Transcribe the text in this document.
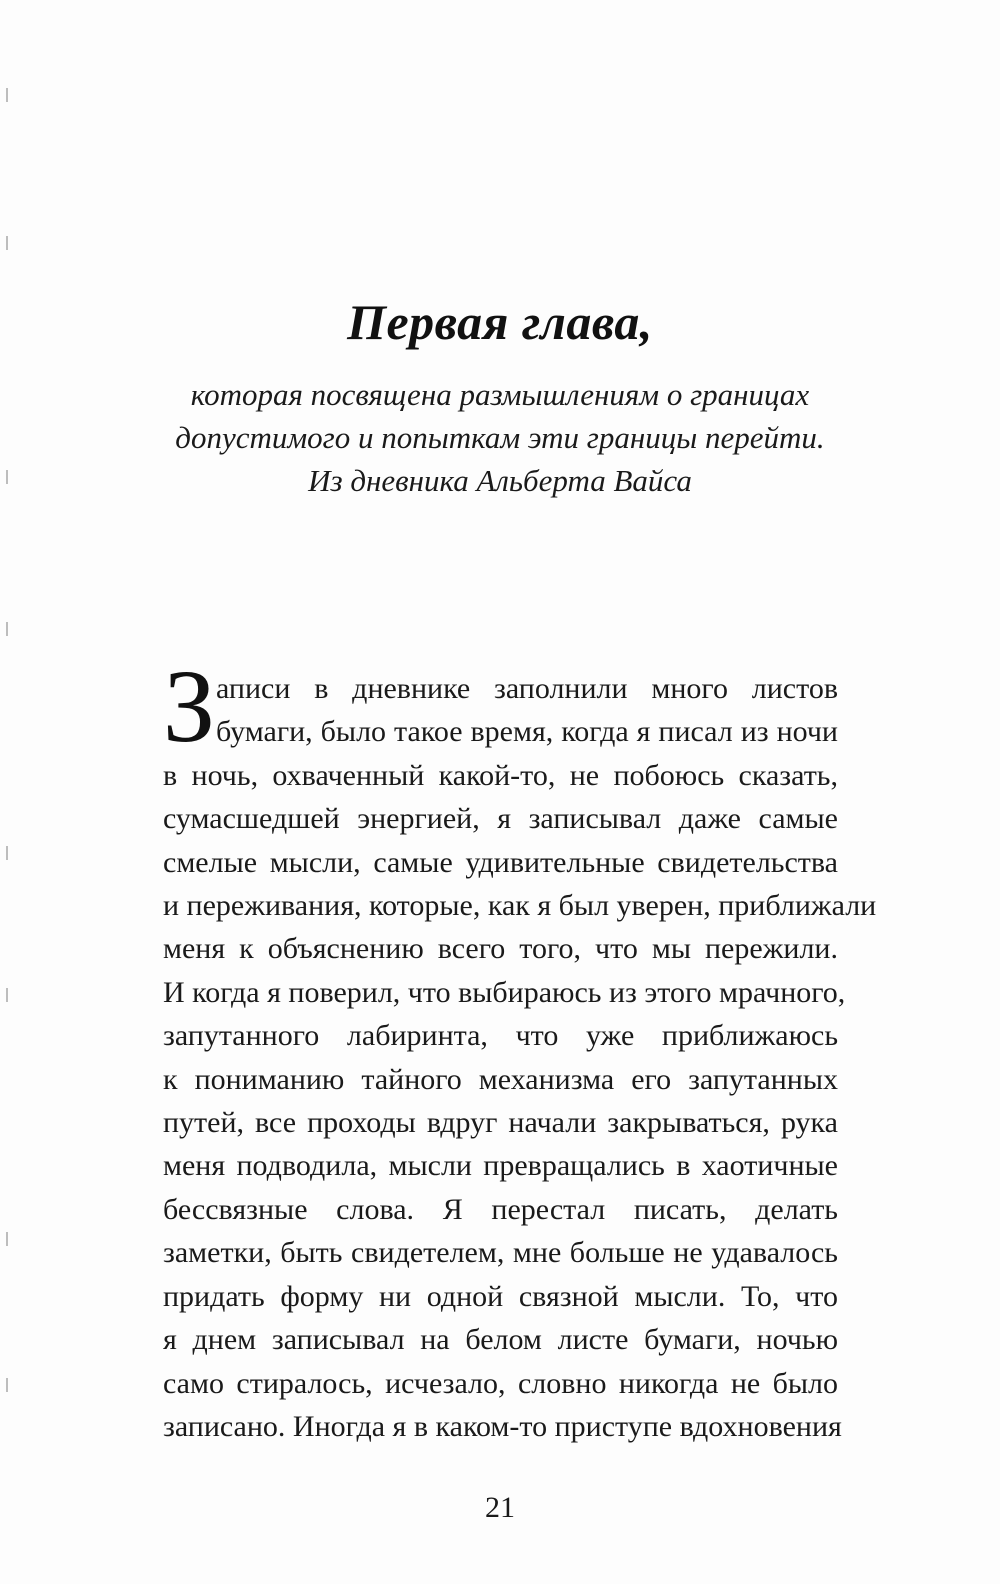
Первая глава,
которая посвящена размышлениям о границах
допустимого и попыткам эти границы перейти.
Из дневника Альберта Вайса
З аписи в дневнике заполнили много листов
бумаги, было такое время, когда я писал из ночи
в ночь, охваченный какой-то, не побоюсь сказать,
сумасшедшей энергией, я записывал даже самые
смелые мысли, самые удивительные свидетельства
и переживания, которые, как я был уверен, приближали
меня к объяснению всего того, что мы пережили.
И когда я поверил, что выбираюсь из этого мрачного,
запутанного лабиринта, что уже приближаюсь
к пониманию тайного механизма его запутанных
путей, все проходы вдруг начали закрываться, рука
меня подводила, мысли превращались в хаотичные
бессвязные слова. Я перестал писать, делать
заметки, быть свидетелем, мне больше не удавалось
придать форму ни одной связной мысли. То, что
я днем записывал на белом листе бумаги, ночью
само стиралось, исчезало, словно никогда не было
записано. Иногда я в каком-то приступе вдохновения
21
